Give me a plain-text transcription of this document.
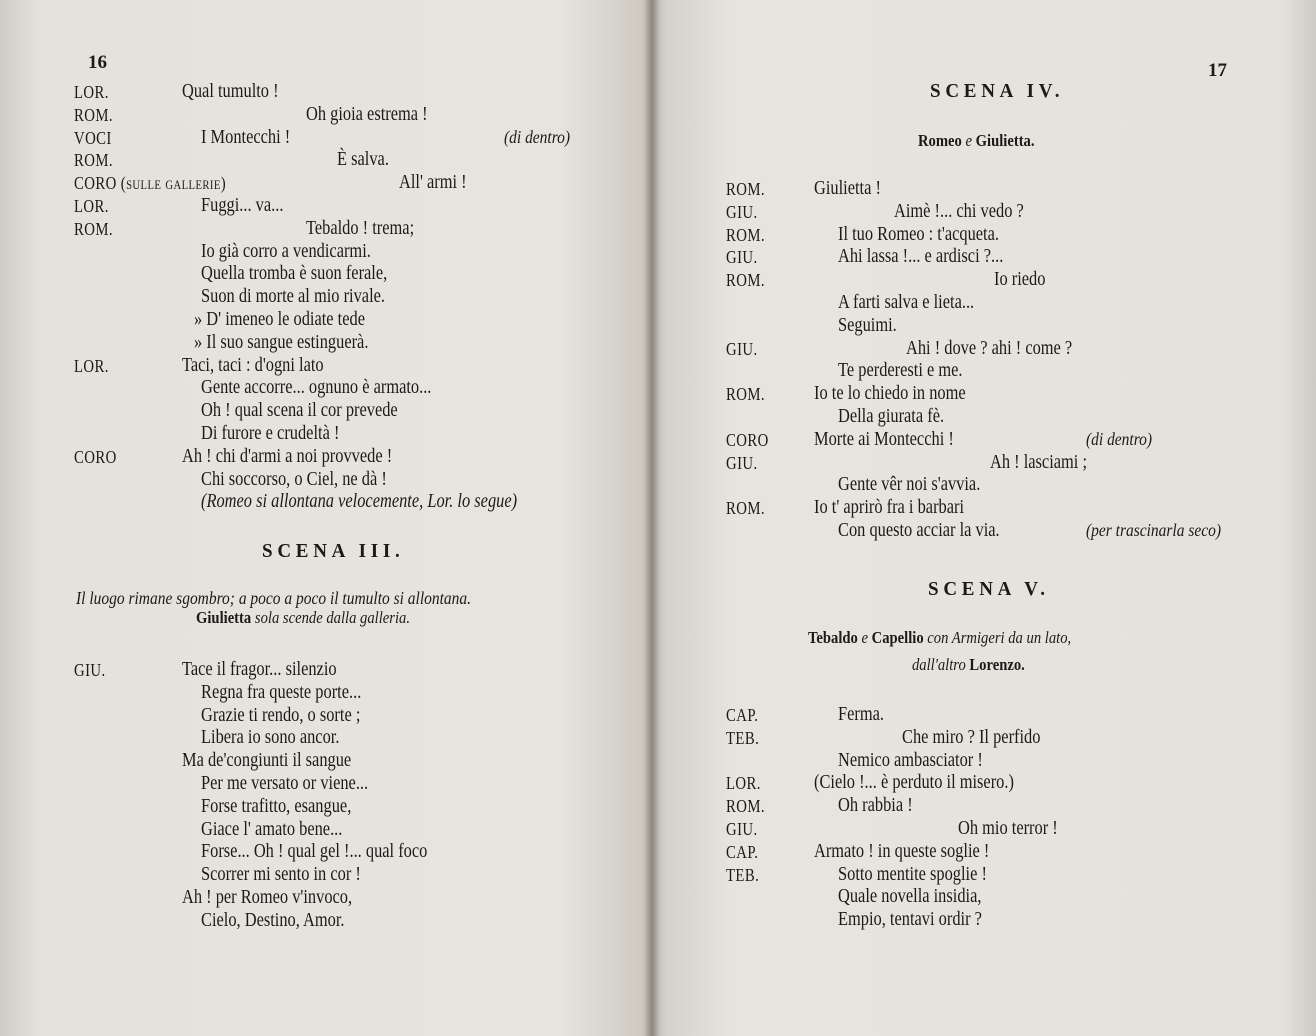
16
LOR.	Qual tumulto !
ROM.	Oh gioia estrema !
VOCI	I Montecchi !	(di dentro)
ROM.	È salva.
CORO (sulle gallerie)	All' armi !
LOR.	Fuggi... va...
ROM.	Tebaldo ! trema;
Io già corro a vendicarmi.
Quella tromba è suon ferale,
Suon di morte al mio rivale.
» D' imeneo le odiate tede
» Il suo sangue estinguerà.
LOR.	Taci, taci : d'ogni lato
Gente accorre... ognuno è armato...
Oh ! qual scena il cor prevede
Di furore e crudeltà !
CORO	Ah ! chi d'armi a noi provvede !
Chi soccorso, o Ciel, ne dà !
(Romeo si allontana velocemente, Lor. lo segue)
SCENA III.
Il luogo rimane sgombro; a poco a poco il tumulto si allontana.
Giulietta sola scende dalla galleria.
GIU.	Tace il fragor... silenzio
Regna fra queste porte...
Grazie ti rendo, o sorte ;
Libera io sono ancor.
Ma de'congiunti il sangue
Per me versato or viene...
Forse trafitto, esangue,
Giace l' amato bene...
Forse... Oh ! qual gel !... qual foco
Scorrer mi sento in cor !
Ah ! per Romeo v'invoco,
Cielo, Destino, Amor.
17
SCENA IV.
Romeo e Giulietta.
ROM. Giulietta !
GIU.	Aimè !... chi vedo ?
ROM.	Il tuo Romeo : t'acqueta.
GIU.	Ahi lassa !... e ardisci ?...
ROM.	Io riedo
A farti salva e lieta...
Seguimi.
GIU.	Ahi ! dove ? ahi ! come ?
Te perderesti e me.
ROM. Io te lo chiedo in nome
Della giurata fè.
CORO Morte ai Montecchi !	(di dentro)
GIU.	Ah ! lasciami ;
Gente vêr noi s'avvia.
ROM. Io t' aprirò fra i barbari
Con questo acciar la via.	(per trascinarla seco)
SCENA V.
Tebaldo e Capellio con Armigeri da un lato,
dall'altro Lorenzo.
CAP.	Ferma.
TEB.	Che miro ? Il perfido
Nemico ambasciator !
LOR.	(Cielo !... è perduto il misero.)
ROM.	Oh rabbia !
GIU.	Oh mio terror !
CAP.	Armato ! in queste soglie !
TEB.	Sotto mentite spoglie !
Quale novella insidia,
Empio, tentavi ordir ?
